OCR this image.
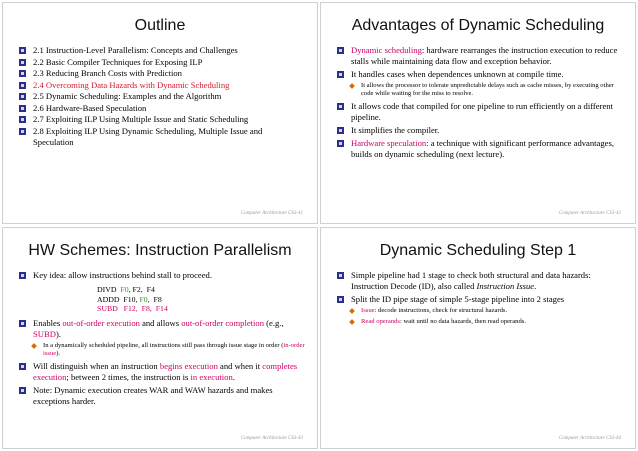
Outline
2.1 Instruction-Level Parallelism: Concepts and Challenges
2.2 Basic Compiler Techniques for Exposing ILP
2.3 Reducing Branch Costs with Prediction
2.4 Overcoming Data Hazards with Dynamic Scheduling
2.5 Dynamic Scheduling: Examples and the Algorithm
2.6 Hardware-Based Speculation
2.7 Exploiting ILP Using Multiple Issue and Static Scheduling
2.8 Exploiting ILP Using Dynamic Scheduling, Multiple Issue and Speculation
Computer Architecture CS3-41
Advantages of Dynamic Scheduling
Dynamic scheduling: hardware rearranges the instruction execution to reduce stalls while maintaining data flow and exception behavior.
It handles cases when dependences unknown at compile time.
It allows the processor to tolerate unpredictable delays such as cache misses, by executing other code while waiting for the miss to resolve.
It allows code that compiled for one pipeline to run efficiently on a different pipeline.
It simplifies the compiler.
Hardware speculation: a technique with significant performance advantages, builds on dynamic scheduling (next lecture).
Computer Architecture CS3-42
HW Schemes: Instruction Parallelism
Key idea: allow instructions behind stall to proceed.
DIVD  F0, F2,  F4
ADDD  F10, F0,  F8
SUBD   F12,  F8,  F14
Enables out-of-order execution and allows out-of-order completion (e.g., SUBD).
In a dynamically scheduled pipeline, all instructions still pass through issue stage in order (in-order issue).
Will distinguish when an instruction begins execution and when it completes execution; between 2 times, the instruction is in execution.
Note: Dynamic execution creates WAR and WAW hazards and makes exceptions harder.
Computer Architecture CS3-43
Dynamic Scheduling Step 1
Simple pipeline had 1 stage to check both structural and data hazards: Instruction Decode (ID), also called Instruction Issue.
Split the ID pipe stage of simple 5-stage pipeline into 2 stages
Issue: decode instructions, check for structural hazards.
Read operands: wait until no data hazards, then read operands.
Computer Architecture CS3-44
